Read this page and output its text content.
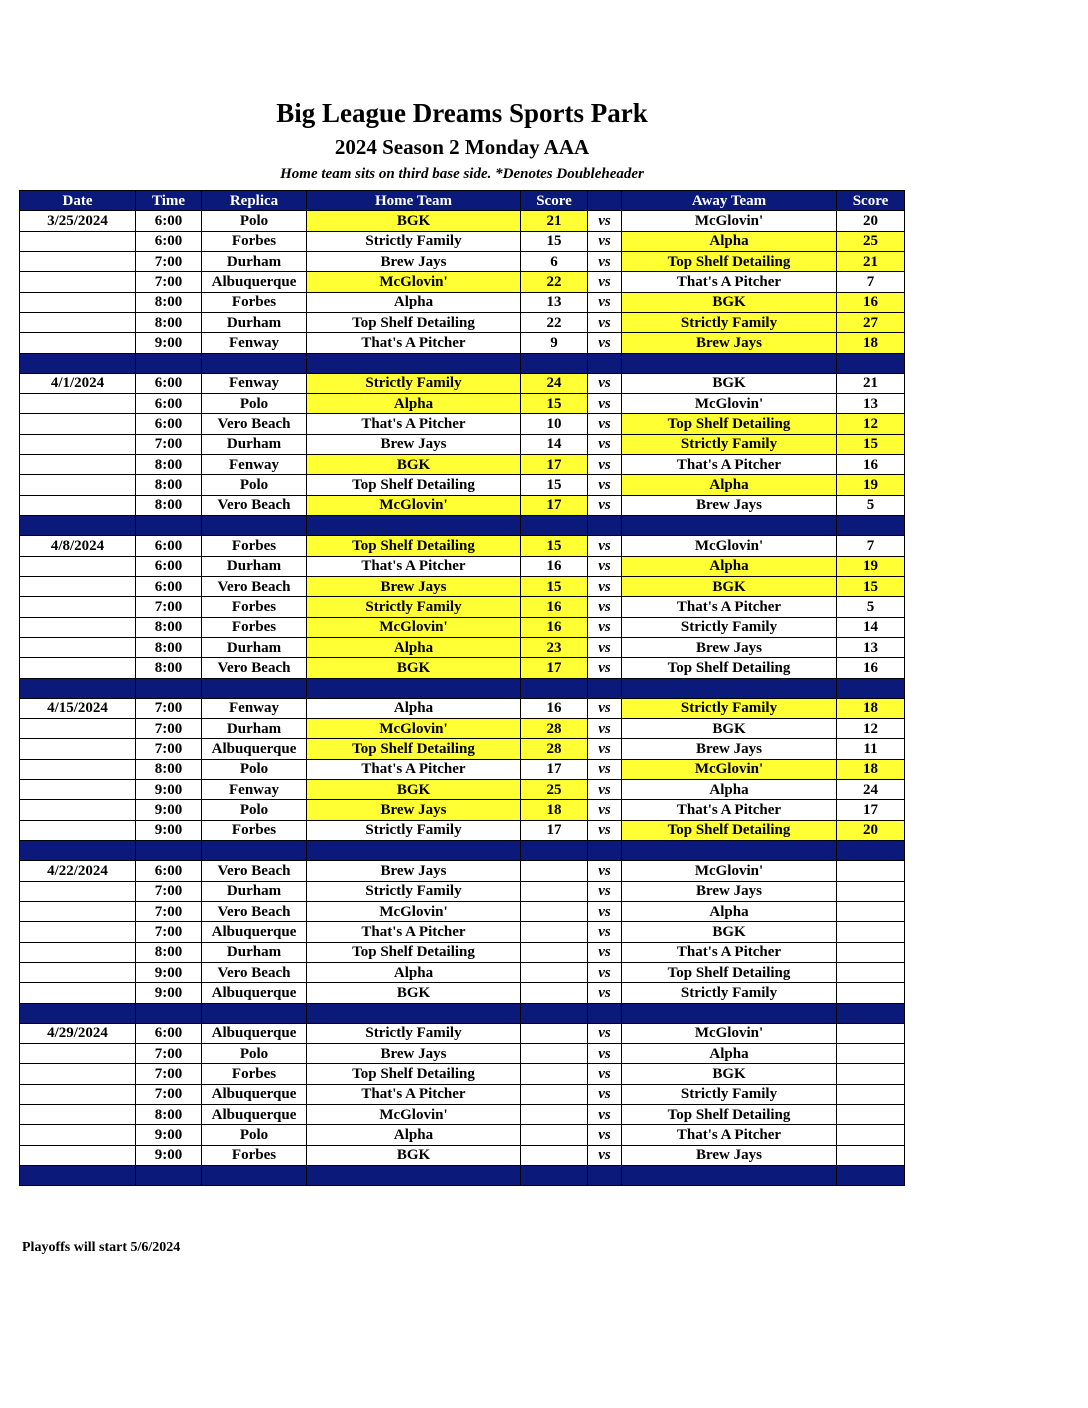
Big League Dreams Sports Park
2024 Season 2 Monday AAA

Home team sits on third base side. *Denotes Doubleheader

Date	Time	Replica	Home Team	Score		Away Team	Score
3/25/2024	6:00	Polo	BGK	21	vs	McGlovin'	20
	6:00	Forbes	Strictly Family	15	vs	Alpha	25
	7:00	Durham	Brew Jays	6	vs	Top Shelf Detailing	21
	7:00	Albuquerque	McGlovin'	22	vs	That's A Pitcher	7
	8:00	Forbes	Alpha	13	vs	BGK	16
	8:00	Durham	Top Shelf Detailing	22	vs	Strictly Family	27
	9:00	Fenway	That's A Pitcher	9	vs	Brew Jays	18

4/1/2024	6:00	Fenway	Strictly Family	24	vs	BGK	21
	6:00	Polo	Alpha	15	vs	McGlovin'	13
	6:00	Vero Beach	That's A Pitcher	10	vs	Top Shelf Detailing	12
	7:00	Durham	Brew Jays	14	vs	Strictly Family	15
	8:00	Fenway	BGK	17	vs	That's A Pitcher	16
	8:00	Polo	Top Shelf Detailing	15	vs	Alpha	19
	8:00	Vero Beach	McGlovin'	17	vs	Brew Jays	5

4/8/2024	6:00	Forbes	Top Shelf Detailing	15	vs	McGlovin'	7
	6:00	Durham	That's A Pitcher	16	vs	Alpha	19
	6:00	Vero Beach	Brew Jays	15	vs	BGK	15
	7:00	Forbes	Strictly Family	16	vs	That's A Pitcher	5
	8:00	Forbes	McGlovin'	16	vs	Strictly Family	14
	8:00	Durham	Alpha	23	vs	Brew Jays	13
	8:00	Vero Beach	BGK	17	vs	Top Shelf Detailing	16

4/15/2024	7:00	Fenway	Alpha	16	vs	Strictly Family	18
	7:00	Durham	McGlovin'	28	vs	BGK	12
	7:00	Albuquerque	Top Shelf Detailing	28	vs	Brew Jays	11
	8:00	Polo	That's A Pitcher	17	vs	McGlovin'	18
	9:00	Fenway	BGK	25	vs	Alpha	24
	9:00	Polo	Brew Jays	18	vs	That's A Pitcher	17
	9:00	Forbes	Strictly Family	17	vs	Top Shelf Detailing	20

4/22/2024	6:00	Vero Beach	Brew Jays		vs	McGlovin'	
	7:00	Durham	Strictly Family		vs	Brew Jays	
	7:00	Vero Beach	McGlovin'		vs	Alpha	
	7:00	Albuquerque	That's A Pitcher		vs	BGK	
	8:00	Durham	Top Shelf Detailing		vs	That's A Pitcher	
	9:00	Vero Beach	Alpha		vs	Top Shelf Detailing	
	9:00	Albuquerque	BGK		vs	Strictly Family	

4/29/2024	6:00	Albuquerque	Strictly Family		vs	McGlovin'	
	7:00	Polo	Brew Jays		vs	Alpha	
	7:00	Forbes	Top Shelf Detailing		vs	BGK	
	7:00	Albuquerque	That's A Pitcher		vs	Strictly Family	
	8:00	Albuquerque	McGlovin'		vs	Top Shelf Detailing	
	9:00	Polo	Alpha		vs	That's A Pitcher	
	9:00	Forbes	BGK		vs	Brew Jays	

Playoffs will start 5/6/2024
